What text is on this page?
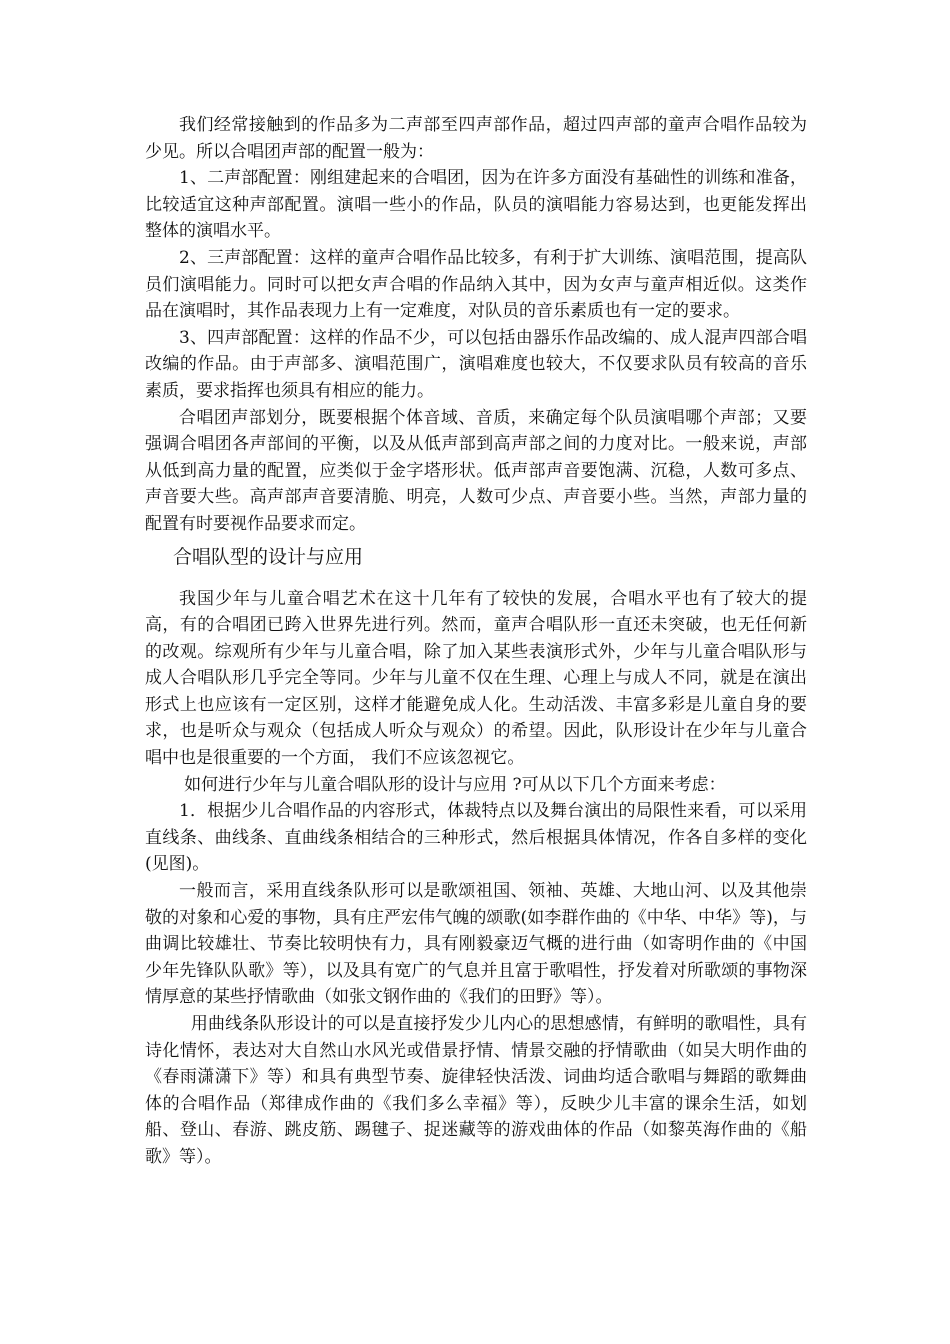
我们经常接触到的作品多为二声部至四声部作品，超过四声部的童声合唱作品较为少见。所以合唱团声部的配置一般为：

1、二声部配置：刚组建起来的合唱团，因为在许多方面没有基础性的训练和准备，比较适宜这种声部配置。演唱一些小的作品，队员的演唱能力容易达到，也更能发挥出整体的演唱水平。

2、三声部配置：这样的童声合唱作品比较多，有利于扩大训练、演唱范围，提高队员们演唱能力。同时可以把女声合唱的作品纳入其中，因为女声与童声相近似。这类作品在演唱时，其作品表现力上有一定难度，对队员的音乐素质也有一定的要求。

3、四声部配置：这样的作品不少，可以包括由器乐作品改编的、成人混声四部合唱改编的作品。由于声部多、演唱范围广，演唱难度也较大，不仅要求队员有较高的音乐素质，要求指挥也须具有相应的能力。

合唱团声部划分，既要根据个体音域、音质，来确定每个队员演唱哪个声部；又要强调合唱团各声部间的平衡，以及从低声部到高声部之间的力度对比。一般来说，声部从低到高力量的配置，应类似于金字塔形状。低声部声音要饱满、沉稳，人数可多点、声音要大些。高声部声音要清脆、明亮，人数可少点、声音要小些。当然，声部力量的配置有时要视作品要求而定。

合唱队型的设计与应用

我国少年与儿童合唱艺术在这十几年有了较快的发展，合唱水平也有了较大的提高，有的合唱团已跨入世界先进行列。然而，童声合唱队形一直还未突破，也无任何新的改观。综观所有少年与儿童合唱，除了加入某些表演形式外，少年与儿童合唱队形与成人合唱队形几乎完全等同。少年与儿童不仅在生理、心理上与成人不同，就是在演出形式上也应该有一定区别，这样才能避免成人化。生动活泼、丰富多彩是儿童自身的要求，也是听众与观众（包括成人听众与观众）的希望。因此，队形设计在少年与儿童合唱中也是很重要的一个方面， 我们不应该忽视它。

如何进行少年与儿童合唱队形的设计与应用 ?可从以下几个方面来考虑：

1．根据少儿合唱作品的内容形式，体裁特点以及舞台演出的局限性来看，可以采用直线条、曲线条、直曲线条相结合的三种形式，然后根据具体情况，作各自多样的变化(见图)。

一般而言，采用直线条队形可以是歌颂祖国、领袖、英雄、大地山河、以及其他崇敬的对象和心爱的事物，具有庄严宏伟气魄的颂歌(如李群作曲的《中华、中华》等)，与曲调比较雄壮、节奏比较明快有力，具有刚毅豪迈气概的进行曲（如寄明作曲的《中国少年先锋队队歌》等），以及具有宽广的气息并且富于歌唱性，抒发着对所歌颂的事物深情厚意的某些抒情歌曲（如张文钢作曲的《我们的田野》等）。

用曲线条队形设计的可以是直接抒发少儿内心的思想感情，有鲜明的歌唱性，具有诗化情怀，表达对大自然山水风光或借景抒情、情景交融的抒情歌曲（如吴大明作曲的《春雨潇潇下》等）和具有典型节奏、旋律轻快活泼、词曲均适合歌唱与舞蹈的歌舞曲体的合唱作品（郑律成作曲的《我们多么幸福》等），反映少儿丰富的课余生活，如划船、登山、春游、跳皮筋、踢毽子、捉迷藏等的游戏曲体的作品（如黎英海作曲的《船歌》等）。
